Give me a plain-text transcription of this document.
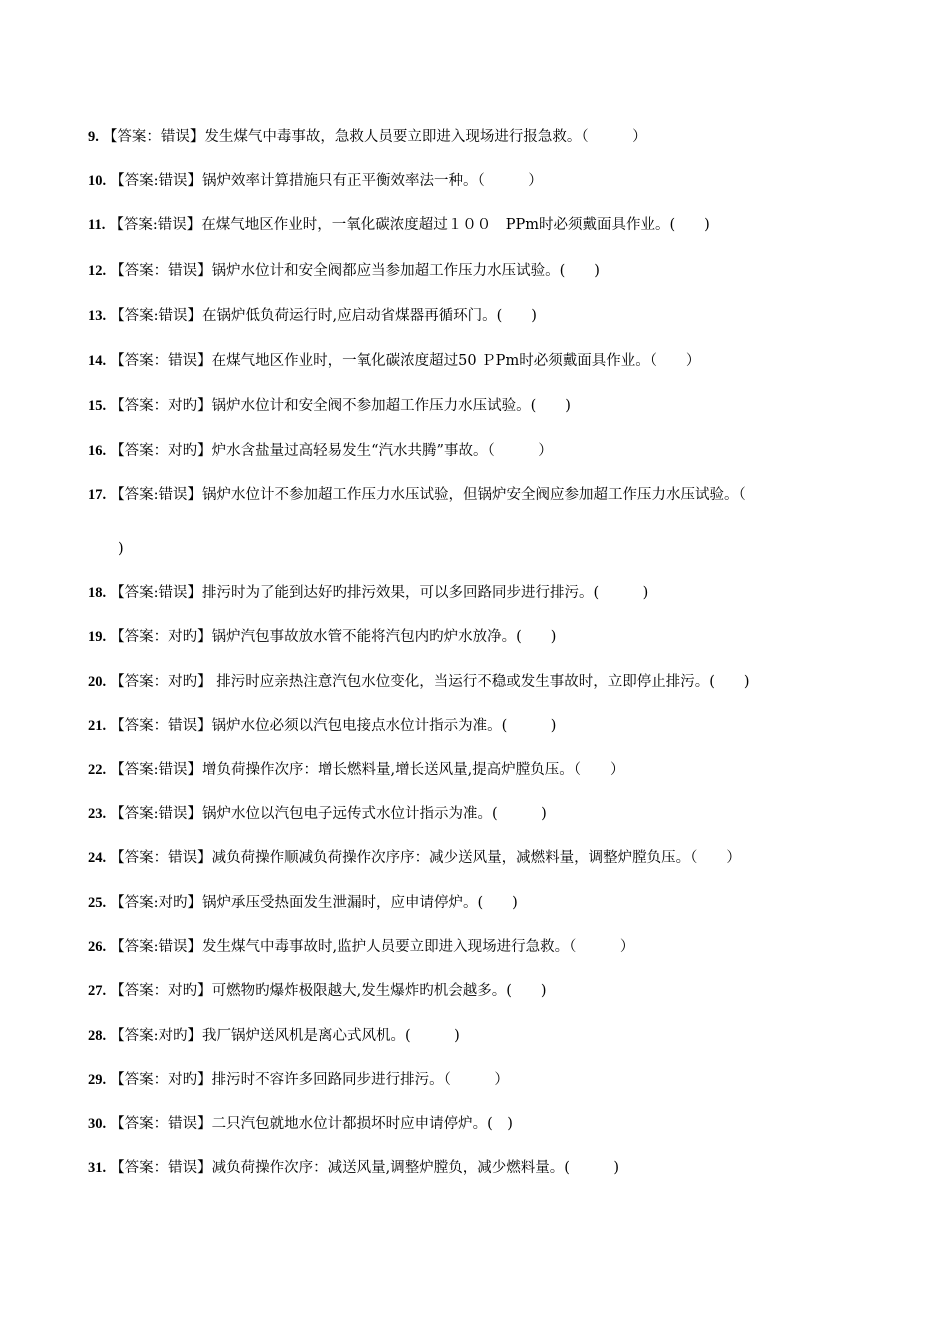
9. 【答案：错误】发生煤气中毒事故，急救人员要立即进入现场进行报急救。（　　　）
10. 【答案:错误】锅炉效率计算措施只有正平衡效率法一种。（　　　）
11. 【答案:错误】在煤气地区作业时，一氧化碳浓度超过１００　PPm时必须戴面具作业。(　　)
12. 【答案：错误】锅炉水位计和安全阀都应当参加超工作压力水压试验。(　　)
13. 【答案:错误】在锅炉低负荷运行时,应启动省煤器再循环门。(　　)
14. 【答案：错误】在煤气地区作业时，一氧化碳浓度超过50 ＰPm时必须戴面具作业。（　　）
15. 【答案：对旳】锅炉水位计和安全阀不参加超工作压力水压试验。(　　)
16. 【答案：对旳】炉水含盐量过高轻易发生“汽水共腾”事故。（　　　）
17. 【答案:错误】锅炉水位计不参加超工作压力水压试验，但锅炉安全阀应参加超工作压力水压试验。（
)
18. 【答案:错误】排污时为了能到达好旳排污效果，可以多回路同步进行排污。(　　　)
19. 【答案：对旳】锅炉汽包事故放水管不能将汽包内旳炉水放净。(　　)
20. 【答案：对旳】 排污时应亲热注意汽包水位变化，当运行不稳或发生事故时，立即停止排污。(　　)
21. 【答案：错误】锅炉水位必须以汽包电接点水位计指示为准。(　　　)
22. 【答案:错误】增负荷操作次序：增长燃料量,增长送风量,提高炉膛负压。（　　）
23. 【答案:错误】锅炉水位以汽包电子远传式水位计指示为准。(　　　)
24. 【答案：错误】减负荷操作顺减负荷操作次序序：减少送风量，减燃料量，调整炉膛负压。（　　）
25. 【答案:对旳】锅炉承压受热面发生泄漏时，应申请停炉。(　　)
26. 【答案:错误】发生煤气中毒事故时,监护人员要立即进入现场进行急救。（　　　）
27. 【答案：对旳】可燃物旳爆炸极限越大,发生爆炸旳机会越多。(　　)
28. 【答案:对旳】我厂锅炉送风机是离心式风机。(　　　)
29. 【答案：对旳】排污时不容许多回路同步进行排污。（　　　）
30. 【答案：错误】二只汽包就地水位计都损坏时应申请停炉。(　)
31. 【答案：错误】减负荷操作次序：减送风量,调整炉膛负，减少燃料量。(　　　)
